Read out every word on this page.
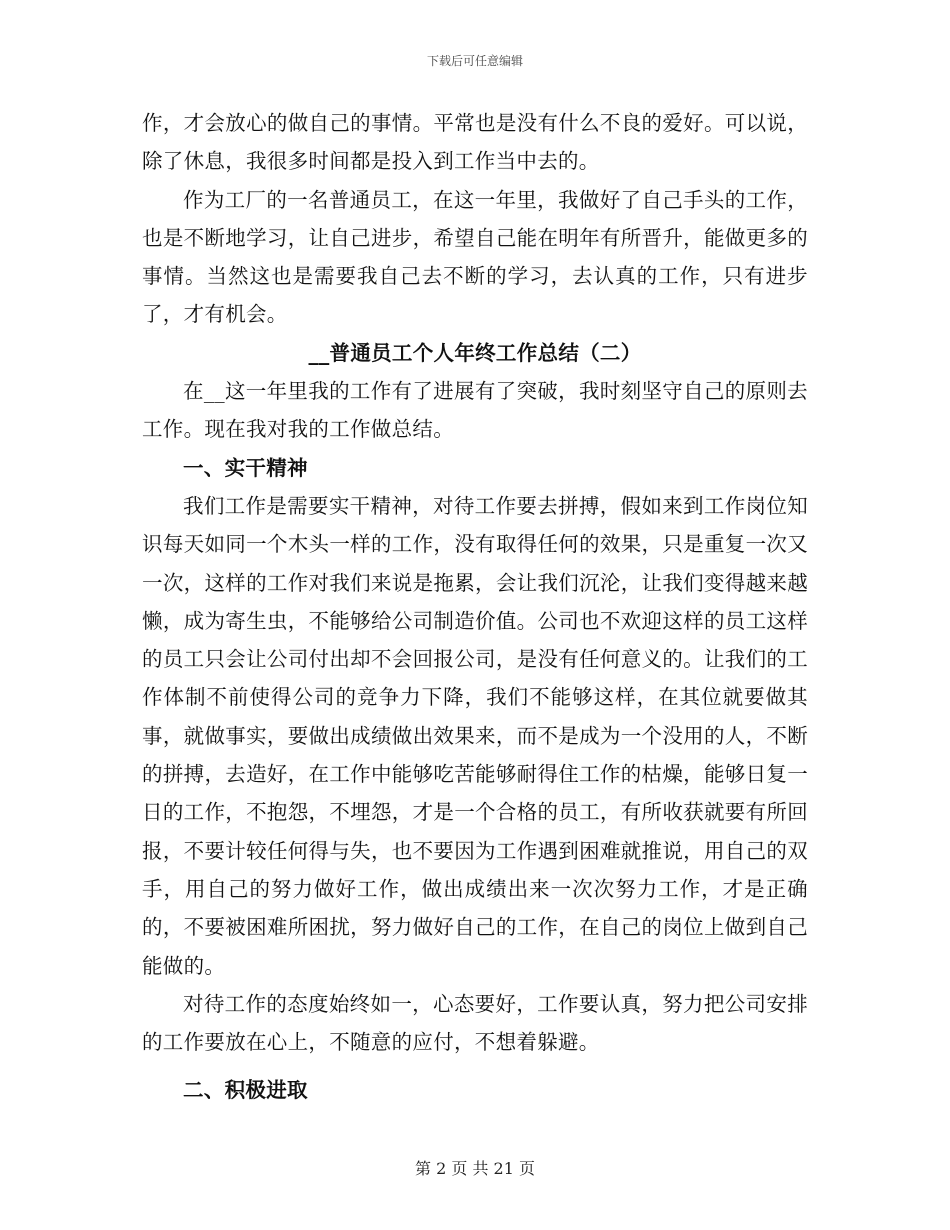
下载后可任意编辑

作，才会放心的做自己的事情。平常也是没有什么不良的爱好。可以说，除了休息，我很多时间都是投入到工作当中去的。

作为工厂的一名普通员工，在这一年里，我做好了自己手头的工作，也是不断地学习，让自己进步，希望自己能在明年有所晋升，能做更多的事情。当然这也是需要我自己去不断的学习，去认真的工作，只有进步了，才有机会。

__普通员工个人年终工作总结（二）

在__这一年里我的工作有了进展有了突破，我时刻坚守自己的原则去工作。现在我对我的工作做总结。

一、实干精神

我们工作是需要实干精神，对待工作要去拼搏，假如来到工作岗位知识每天如同一个木头一样的工作，没有取得任何的效果，只是重复一次又一次，这样的工作对我们来说是拖累，会让我们沉沦，让我们变得越来越懒，成为寄生虫，不能够给公司制造价值。公司也不欢迎这样的员工这样的员工只会让公司付出却不会回报公司，是没有任何意义的。让我们的工作体制不前使得公司的竞争力下降，我们不能够这样，在其位就要做其事，就做事实，要做出成绩做出效果来，而不是成为一个没用的人，不断的拼搏，去造好，在工作中能够吃苦能够耐得住工作的枯燥，能够日复一日的工作，不抱怨，不埋怨，才是一个合格的员工，有所收获就要有所回报，不要计较任何得与失，也不要因为工作遇到困难就推说，用自己的双手，用自己的努力做好工作，做出成绩出来一次次努力工作，才是正确的，不要被困难所困扰，努力做好自己的工作，在自己的岗位上做到自己能做的。

对待工作的态度始终如一，心态要好，工作要认真，努力把公司安排的工作要放在心上，不随意的应付，不想着躲避。

二、积极进取

第 2 页 共 21 页
